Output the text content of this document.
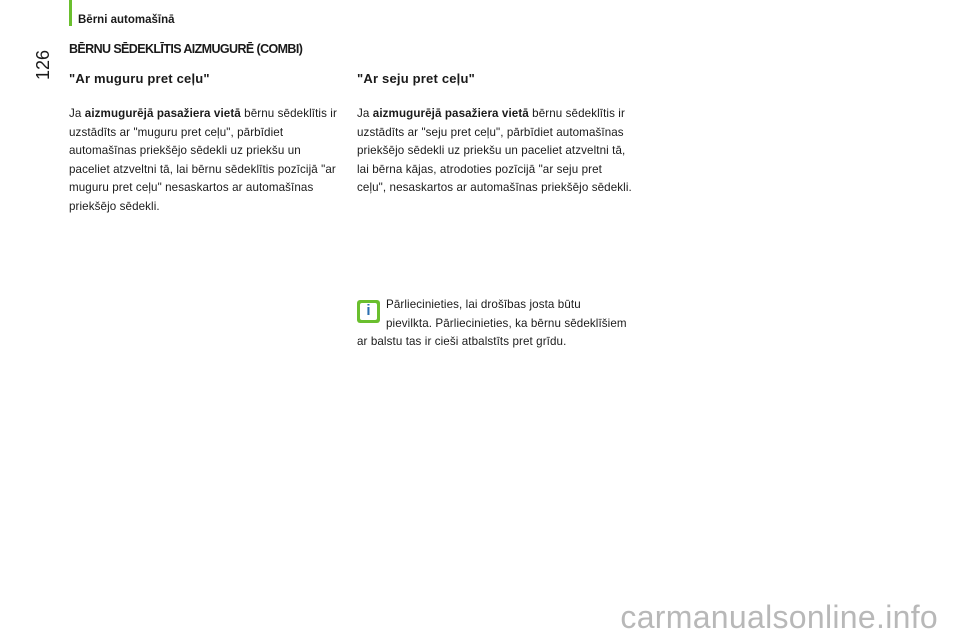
Bērni automašīnā
126
BĒRNU SĒDEKLĪTIS AIZMUGURĒ (COMBI)
"Ar muguru pret ceļu"

Ja aizmugurējā pasažiera vietā bērnu sēdeklītis ir uzstādīts ar "muguru pret ceļu", pārbīdiet automašīnas priekšējo sēdekli uz priekšu un paceliet atzveltni tā, lai bērnu sēdeklītis pozīcijā "ar muguru pret ceļu" nesaskartos ar automašīnas priekšējo sēdekli.

"Ar seju pret ceļu"

Ja aizmugurējā pasažiera vietā bērnu sēdeklītis ir uzstādīts ar "seju pret ceļu", pārbīdiet automašīnas priekšējo sēdekli uz priekšu un paceliet atzveltni tā, lai bērna kājas, atrodoties pozīcijā "ar seju pret ceļu", nesaskartos ar automašīnas priekšējo sēdekli.

i	Pārliecinieties, lai drošības josta būtu pievilkta. Pārliecinieties, ka bērnu sēdeklīšiem ar balstu tas ir cieši atbalstīts pret grīdu.

carmanualsonline.info
